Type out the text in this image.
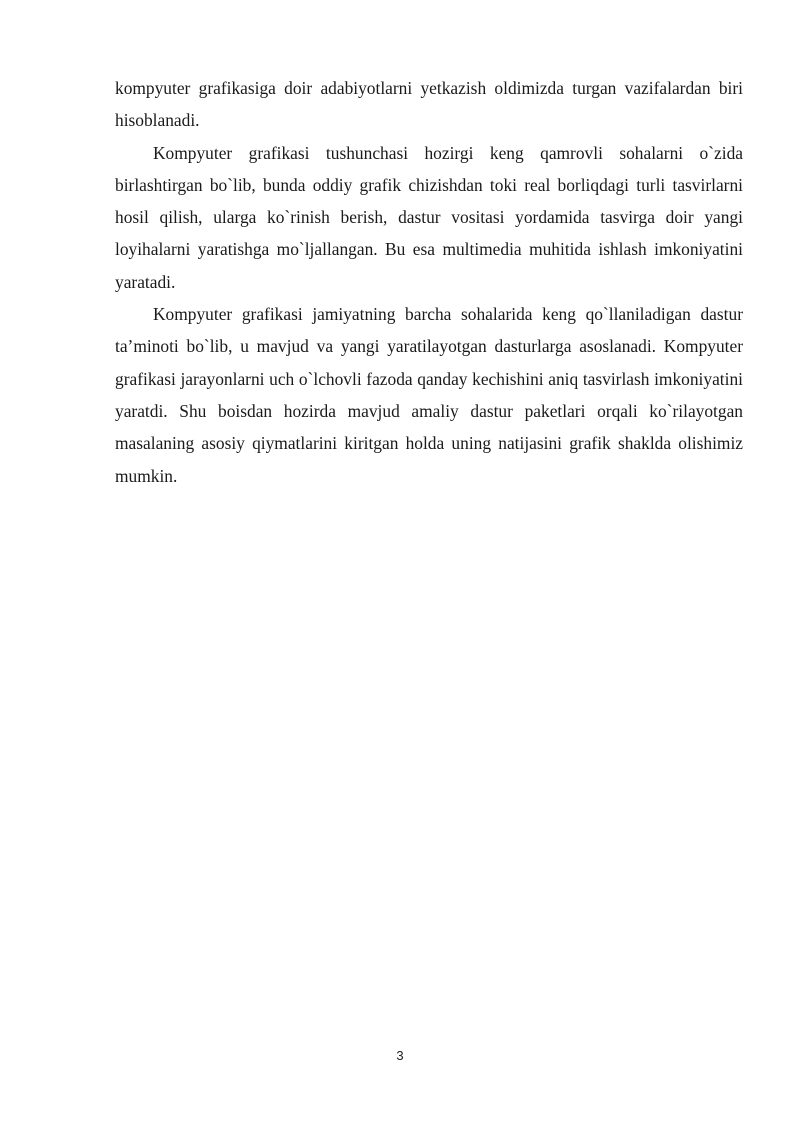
kompyuter grafikasiga doir adabiyotlarni yetkazish oldimizda turgan vazifalardan biri hisoblanadi.

Kompyuter grafikasi tushunchasi hozirgi keng qamrovli sohalarni o`zida birlashtirgan bo`lib, bunda oddiy grafik chizishdan toki real borliqdagi turli tasvirlarni hosil qilish, ularga ko`rinish berish, dastur vositasi yordamida tasvirga doir yangi loyihalarni yaratishga mo`ljallangan. Bu esa multimedia muhitida ishlash imkoniyatini yaratadi.

Kompyuter grafikasi jamiyatning barcha sohalarida keng qo`llaniladigan dastur ta’minoti bo`lib, u mavjud va yangi yaratilayotgan dasturlarga asoslanadi. Kompyuter grafikasi jarayonlarni uch o`lchovli fazoda qanday kechishini aniq tasvirlash imkoniyatini yaratdi. Shu boisdan hozirda mavjud amaliy dastur paketlari orqali ko`rilayotgan masalaning asosiy qiymatlarini kiritgan holda uning natijasini grafik shaklda olishimiz mumkin.

3
